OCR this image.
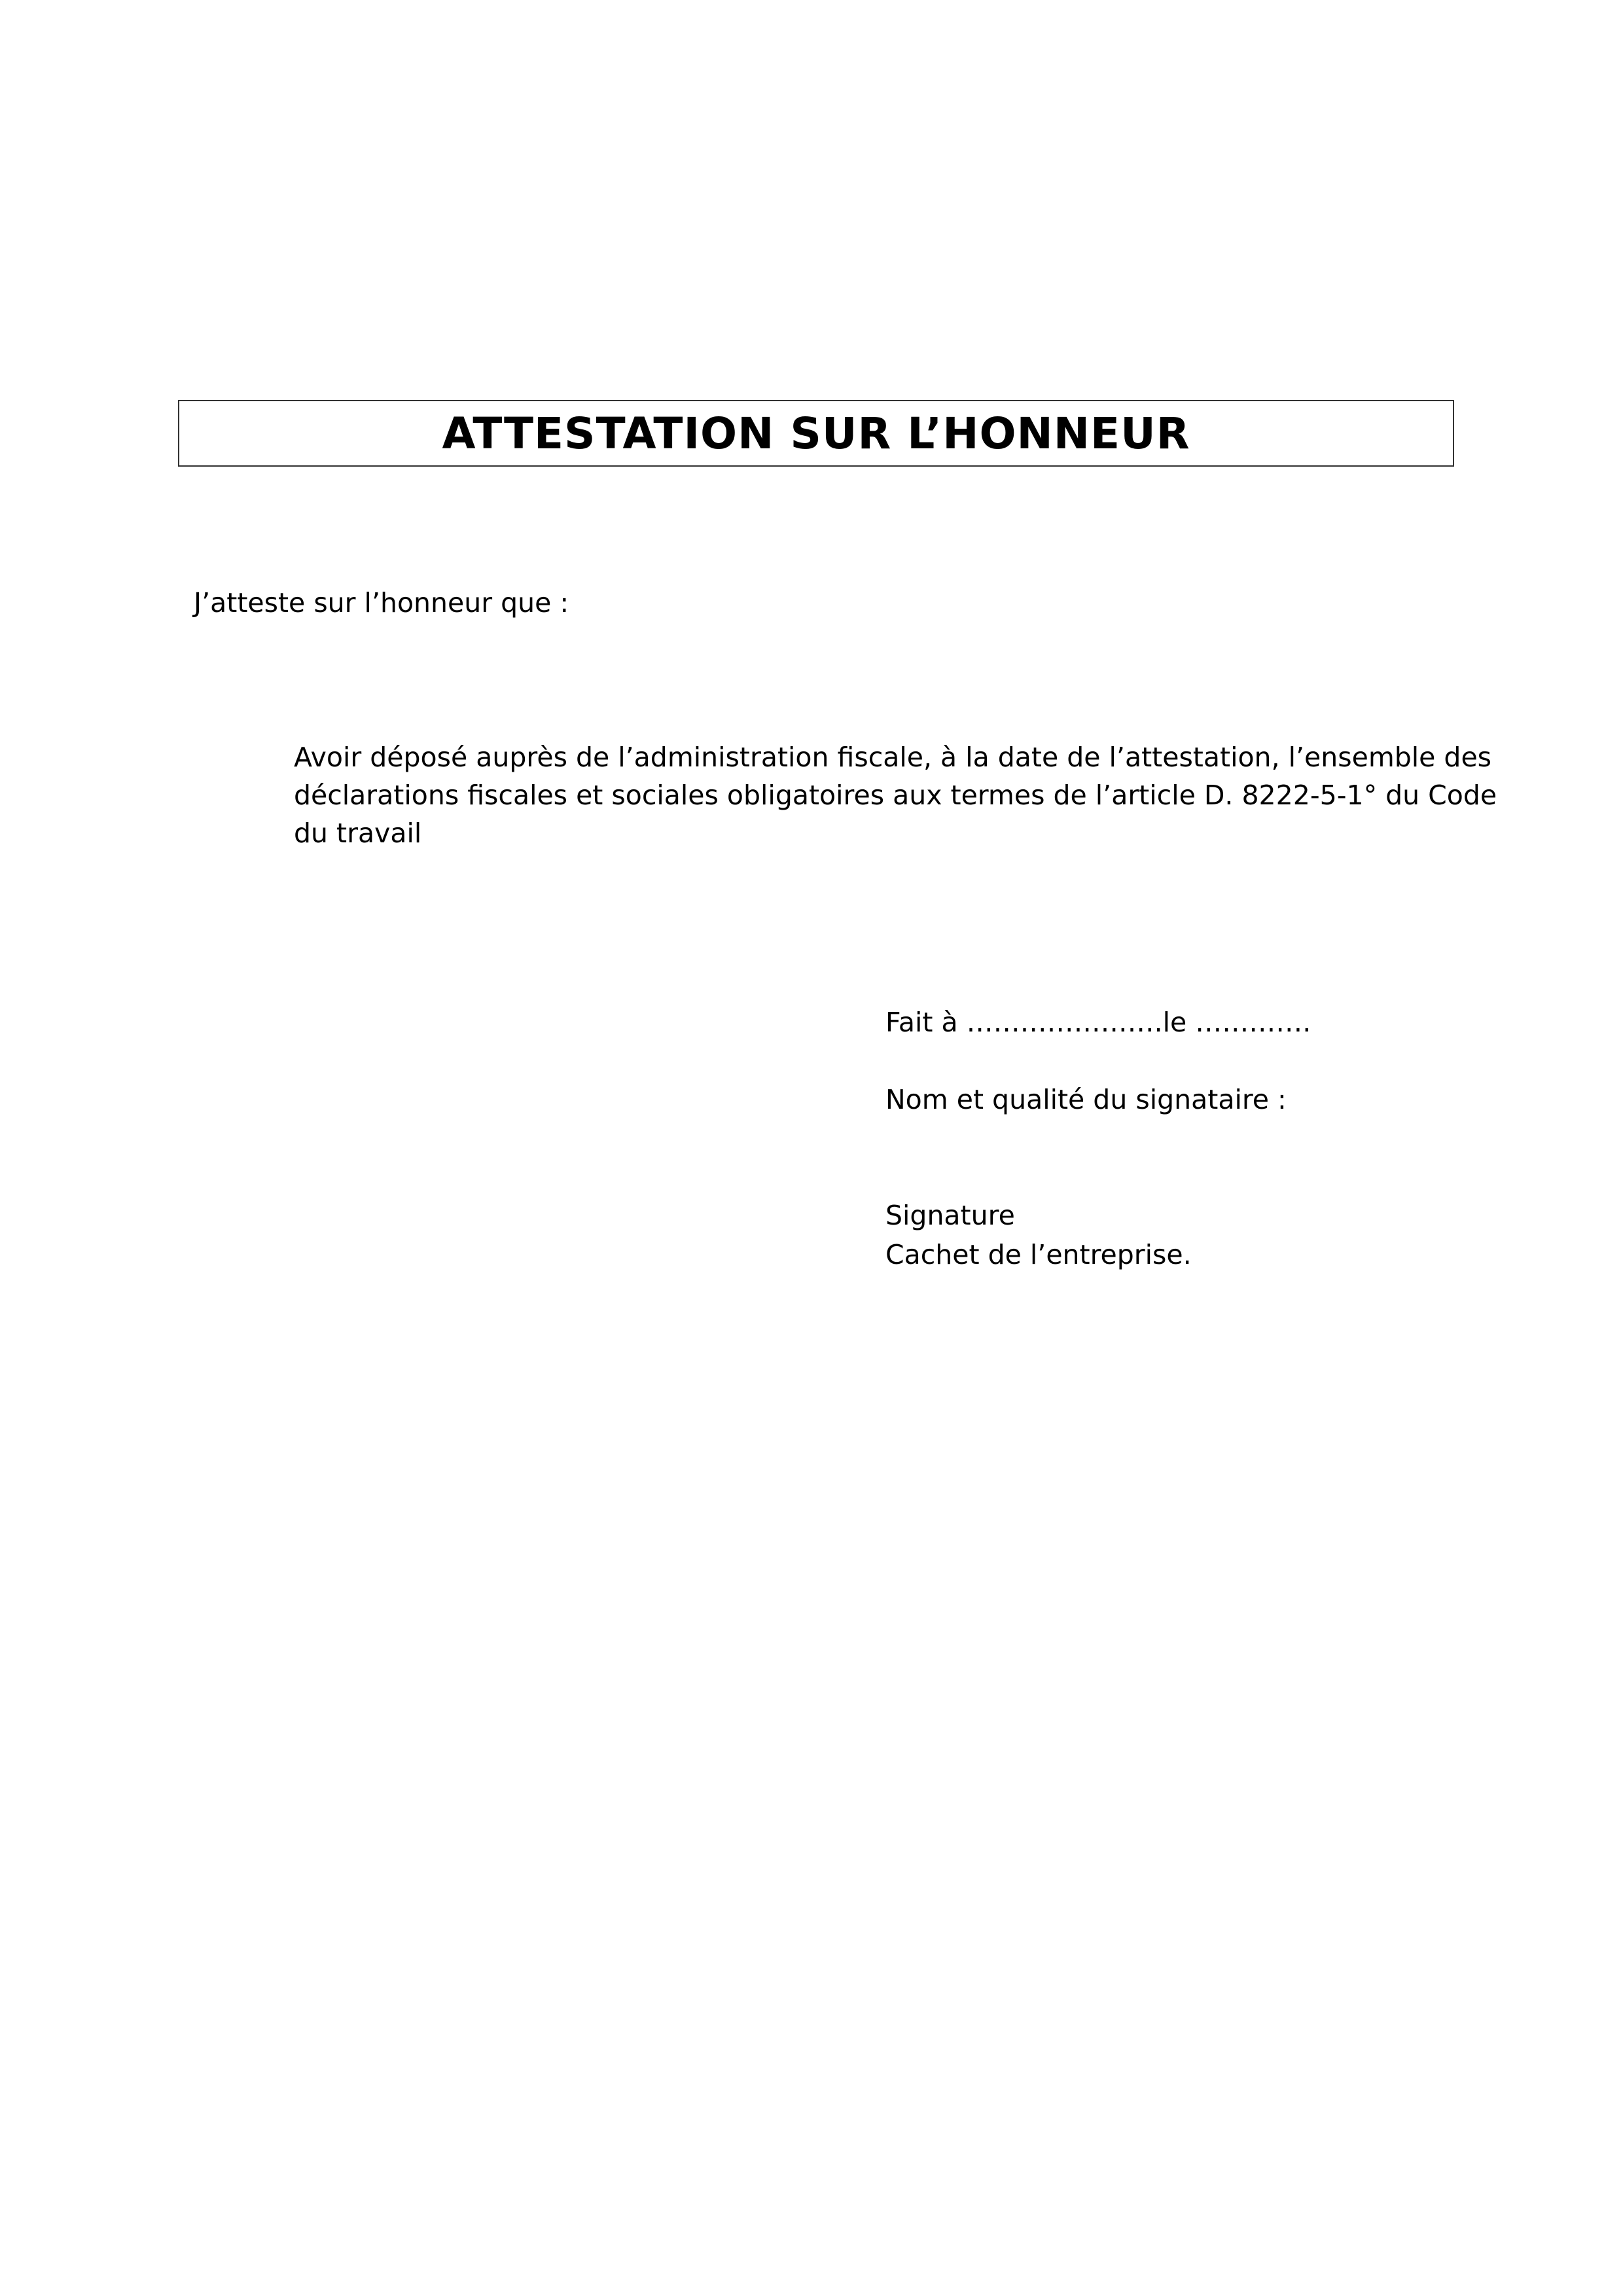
ATTESTATION SUR L’HONNEUR
J’atteste sur l’honneur que :
Avoir déposé auprès de l’administration fiscale, à la date de l’attestation, l’ensemble des
déclarations fiscales et sociales obligatoires aux termes de l’article D. 8222-5-1° du Code
du travail
Fait à ………………….le ………….
Nom et qualité du signataire :
Signature
Cachet de l’entreprise.
